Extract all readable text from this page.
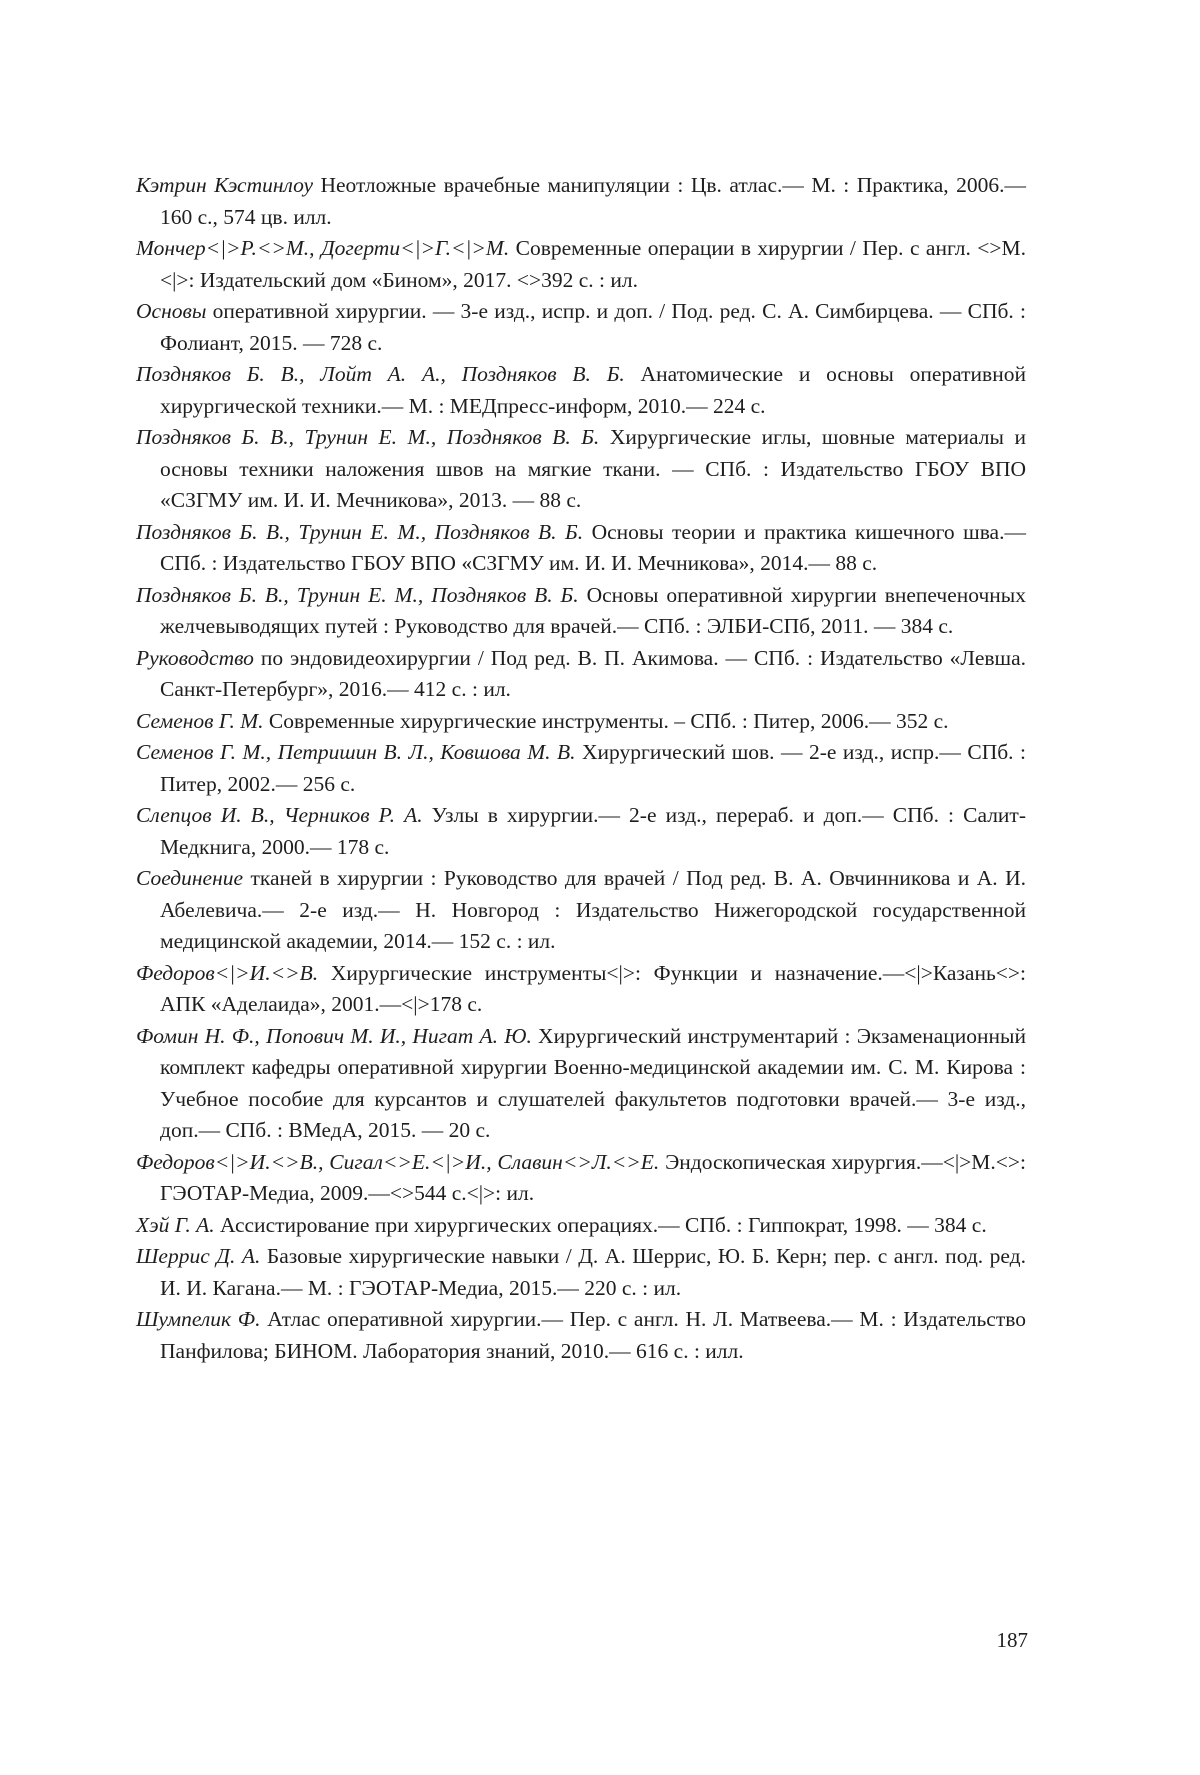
Кэтрин Кэстинлоу Неотложные врачебные манипуляции : Цв. атлас.— М. : Практика, 2006.— 160 с., 574 цв. илл.

Мончер<|>Р.<>М., Догерти<|>Г.<|>М. Современные операции в хирургии / Пер. с англ. <>М.<|>: Издательский дом «Бином», 2017. <>392 с. : ил.

Основы оперативной хирургии. — 3-е изд., испр. и доп. / Под. ред. С. А. Симбирцева. — СПб. : Фолиант, 2015. — 728 с.

Поздняков Б. В., Лойт А. А., Поздняков В. Б. Анатомические и основы оперативной хирургической техники.— М. : МЕДпресс-информ, 2010.— 224 с.

Поздняков Б. В., Трунин Е. М., Поздняков В. Б. Хирургические иглы, шовные материалы и основы техники наложения швов на мягкие ткани. — СПб. : Издательство ГБОУ ВПО «СЗГМУ им. И. И. Мечникова», 2013. — 88 с.

Поздняков Б. В., Трунин Е. М., Поздняков В. Б. Основы теории и практика кишечного шва.— СПб. : Издательство ГБОУ ВПО «СЗГМУ им. И. И. Мечникова», 2014.— 88 с.

Поздняков Б. В., Трунин Е. М., Поздняков В. Б. Основы оперативной хирургии внепеченочных желчевыводящих путей : Руководство для врачей.— СПб. : ЭЛБИ-СПб, 2011. — 384 с.

Руководство по эндовидеохирургии / Под ред. В. П. Акимова. — СПб. : Издательство «Левша. Санкт-Петербург», 2016.— 412 с. : ил.

Семенов Г. М. Современные хирургические инструменты. – СПб. : Питер, 2006.— 352 с.

Семенов Г. М., Петришин В. Л., Ковшова М. В. Хирургический шов. — 2-е изд., испр.— СПб. : Питер, 2002.— 256 с.

Слепцов И. В., Черников Р. А. Узлы в хирургии.— 2-е изд., перераб. и доп.— СПб. : Салит-Медкнига, 2000.— 178 с.

Соединение тканей в хирургии : Руководство для врачей / Под ред. В. А. Овчинникова и А. И. Абелевича.— 2-е изд.— Н. Новгород : Издательство Нижегородской государственной медицинской академии, 2014.— 152 с. : ил.

Федоров<|>И.<>В. Хирургические инструменты<|>: Функции и назначение.—<|>Казань<>: АПК «Аделаида», 2001.—<|>178 с.

Фомин Н. Ф., Попович М. И., Нигат А. Ю. Хирургический инструментарий : Экзаменационный комплект кафедры оперативной хирургии Военно-медицинской академии им. С. М. Кирова : Учебное пособие для курсантов и слушателей факультетов подготовки врачей.— 3-е изд., доп.— СПб. : ВМедА, 2015. — 20 с.

Федоров<|>И.<>В., Сигал<>Е.<|>И., Славин<>Л.<>Е. Эндоскопическая хирургия.—<|>М.<>: ГЭОТАР-Медиа, 2009.—<>544 с.<|>: ил.

Хэй Г. А. Ассистирование при хирургических операциях.— СПб. : Гиппократ, 1998. — 384 с.

Шеррис Д. А. Базовые хирургические навыки / Д. А. Шеррис, Ю. Б. Керн; пер. с англ. под. ред. И. И. Кагана.— М. : ГЭОТАР-Медиа, 2015.— 220 с. : ил.

Шумпелик Ф. Атлас оперативной хирургии.— Пер. с англ. Н. Л. Матвеева.— М. : Издательство Панфилова; БИНОМ. Лаборатория знаний, 2010.— 616 с. : илл.

187
